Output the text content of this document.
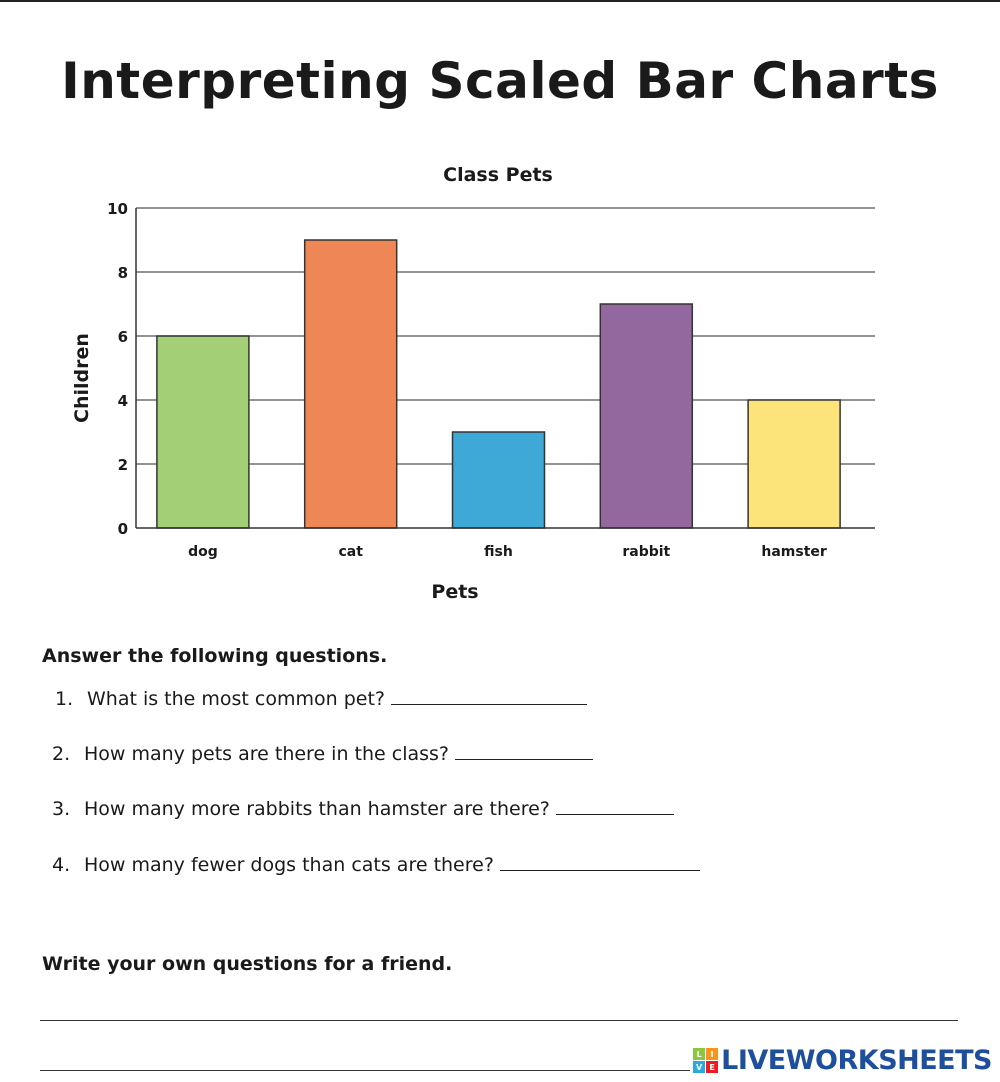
Interpreting Scaled Bar Charts
Class Pets
0
2
4
6
8
10
dog	cat	fish	rabbit	hamster
Pets
Children
Answer the following questions.
1. What is the most common pet?
2. How many pets are there in the class?
3. How many more rabbits than hamster are there?
4. How many fewer dogs than cats are there?
Write your own questions for a friend.
L	I
V E LIVEWORKSHEETS
